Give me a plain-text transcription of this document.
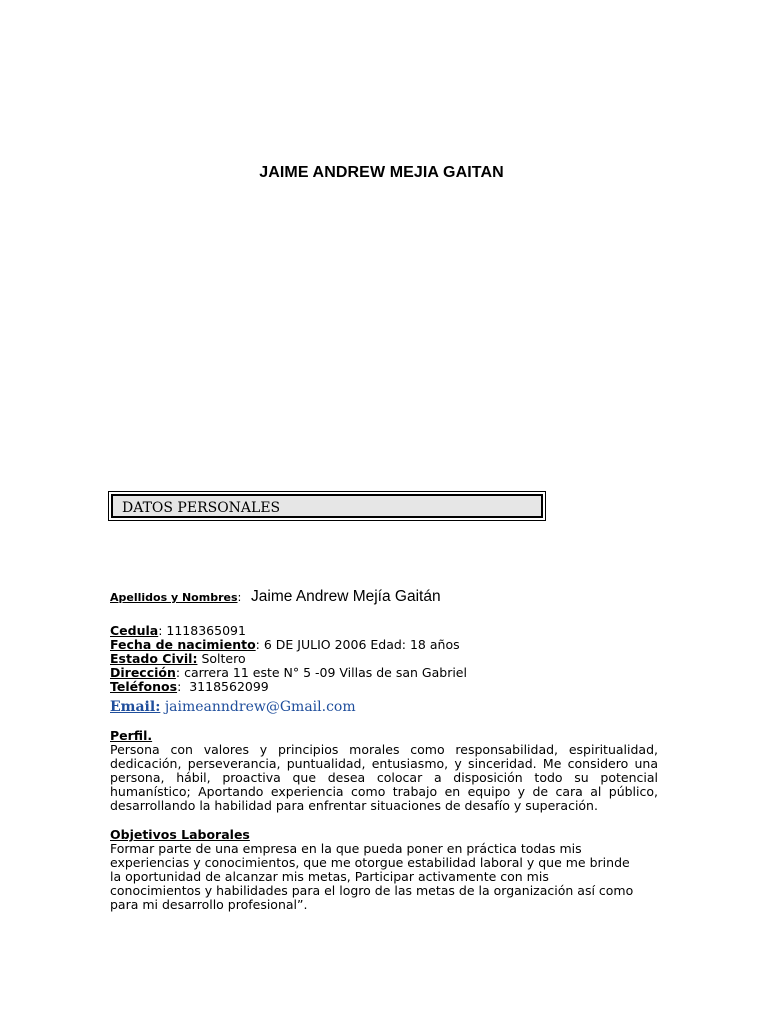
JAIME ANDREW MEJIA GAITAN
DATOS PERSONALES
Apellidos y Nombres: Jaime Andrew Mejía Gaitán
Cedula: 1118365091
Fecha de nacimiento: 6 DE JULIO 2006 Edad: 18 años
Estado Civil: Soltero
Dirección: carrera 11 este N° 5 -09 Villas de san Gabriel
Teléfonos:  3118562099
Email: jaimeanndrew@Gmail.com
Perfil.

Persona con valores y principios morales como responsabilidad, espiritualidad, dedicación, perseverancia, puntualidad, entusiasmo, y sinceridad. Me considero una persona, hábil, proactiva que desea colocar a disposición todo su potencial humanístico; Aportando experiencia como trabajo en equipo y de cara al público, desarrollando la habilidad para enfrentar situaciones de desafío y superación.

Objetivos Laborales

Formar parte de una empresa en la que pueda poner en práctica todas mis

experiencias y conocimientos, que me otorgue estabilidad laboral y que me brinde

la oportunidad de alcanzar mis metas, Participar activamente con mis

conocimientos y habilidades para el logro de las metas de la organización así como

para mi desarrollo profesional”.
